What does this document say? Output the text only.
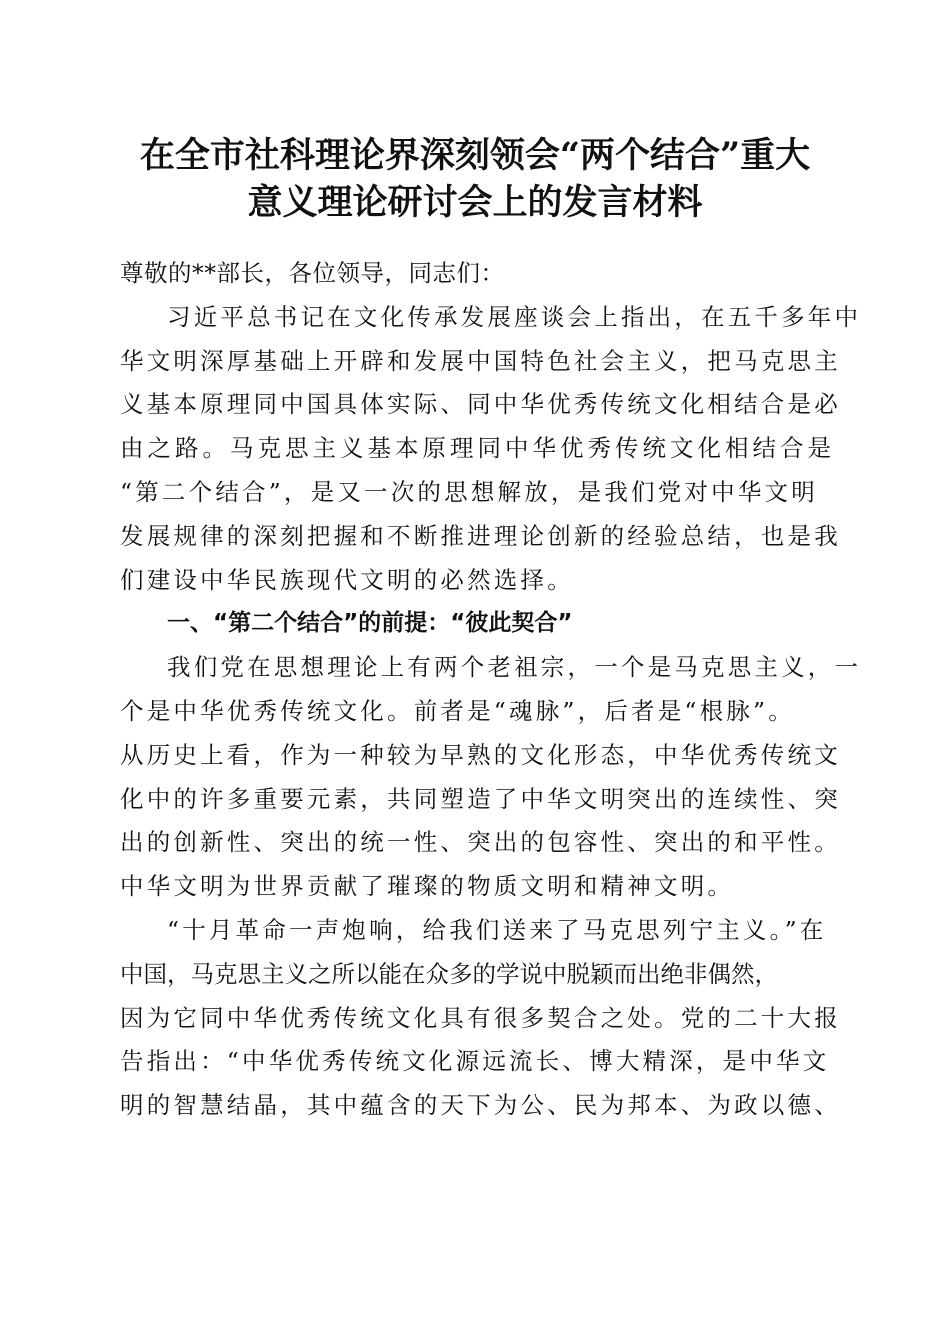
在全市社科理论界深刻领会“两个结合”重大
意义理论研讨会上的发言材料
尊敬的**部长，各位领导，同志们：
习近平总书记在文化传承发展座谈会上指出，在五千多年中
华文明深厚基础上开辟和发展中国特色社会主义，把马克思主
义基本原理同中国具体实际、同中华优秀传统文化相结合是必
由之路。马克思主义基本原理同中华优秀传统文化相结合是
“第二个结合”，是又一次的思想解放，是我们党对中华文明
发展规律的深刻把握和不断推进理论创新的经验总结，也是我
们建设中华民族现代文明的必然选择。
一、“第二个结合”的前提：“彼此契合”
我们党在思想理论上有两个老祖宗，一个是马克思主义，一
个是中华优秀传统文化。前者是“魂脉”，后者是“根脉”。
从历史上看，作为一种较为早熟的文化形态，中华优秀传统文
化中的许多重要元素，共同塑造了中华文明突出的连续性、突
出的创新性、突出的统一性、突出的包容性、突出的和平性。
中华文明为世界贡献了璀璨的物质文明和精神文明。
“十月革命一声炮响，给我们送来了马克思列宁主义。”在
中国，马克思主义之所以能在众多的学说中脱颖而出绝非偶然，
因为它同中华优秀传统文化具有很多契合之处。党的二十大报
告指出：“中华优秀传统文化源远流长、博大精深，是中华文
明的智慧结晶，其中蕴含的天下为公、民为邦本、为政以德、
